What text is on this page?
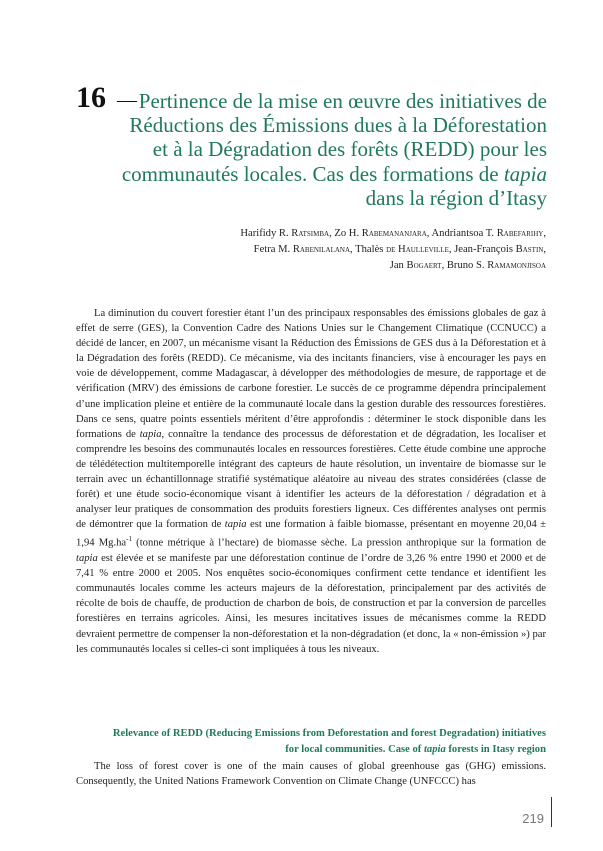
16 — Pertinence de la mise en œuvre des initiatives de Réductions des Émissions dues à la Déforestation et à la Dégradation des forêts (REDD) pour les communautés locales. Cas des formations de tapia dans la région d’Itasy
Harifidy R. Ratsimba, Zo H. Rabemananjara, Andriantsoa T. Rabefarihy,
Fetra M. Rabenilalana, Thalès de Haulleville, Jean-François Bastin,
Jan Bogaert, Bruno S. Ramamonjisoa

La diminution du couvert forestier étant l’un des principaux responsables des émissions globales de gaz à effet de serre (GES), la Convention Cadre des Nations Unies sur le Changement Climatique (CCNUCC) a décidé de lancer, en 2007, un mécanisme visant la Réduction des Émissions de GES dus à la Déforestation et à la Dégradation des forêts (REDD). Ce mécanisme, via des incitants financiers, vise à encourager les pays en voie de développement, comme Madagascar, à développer des méthodologies de mesure, de rapportage et de vérification (MRV) des émissions de carbone forestier. Le succès de ce programme dépendra principalement d’une implication pleine et entière de la communauté locale dans la gestion durable des ressources forestières. Dans ce sens, quatre points essentiels méritent d’être approfondis : déterminer le stock disponible dans les formations de tapia, connaître la tendance des processus de déforestation et de dégradation, les localiser et comprendre les besoins des communautés locales en ressources forestières. Cette étude combine une approche de télédétection multitemporelle intégrant des capteurs de haute résolution, un inventaire de biomasse sur le terrain avec un échantillonnage stratifié systématique aléatoire au niveau des strates considérées (classe de forêt) et une étude socio-économique visant à identifier les acteurs de la déforestation / dégradation et à analyser leur pratiques de consommation des produits forestiers ligneux. Ces différentes analyses ont permis de démontrer que la formation de tapia est une formation à faible biomasse, présentant en moyenne 20,04 ± 1,94 $Mg.ha^{-1}$ (tonne métrique à l’hectare) de biomasse sèche. La pression anthropique sur la formation de tapia est élevée et se manifeste par une déforestation continue de l’ordre de 3,26 % entre 1990 et 2000 et de 7,41 % entre 2000 et 2005. Nos enquêtes socio-économiques confirment cette tendance et identifient les communautés locales comme les acteurs majeurs de la déforestation, principalement par des activités de récolte de bois de chauffe, de production de charbon de bois, de construction et par la conversion de parcelles forestières en terrains agricoles. Ainsi, les mesures incitatives issues de mécanismes comme la REDD devraient permettre de compenser la non-déforestation et la non-dégradation (et donc, la « non-émission ») par les communautés locales si celles-ci sont impliquées à tous les niveaux.

Relevance of REDD (Reducing Emissions from Deforestation and forest Degradation) initiatives for local communities. Case of tapia forests in Itasy region

The loss of forest cover is one of the main causes of global greenhouse gas (GHG) emissions. Consequently, the United Nations Framework Convention on Climate Change (UNFCCC) has

219
